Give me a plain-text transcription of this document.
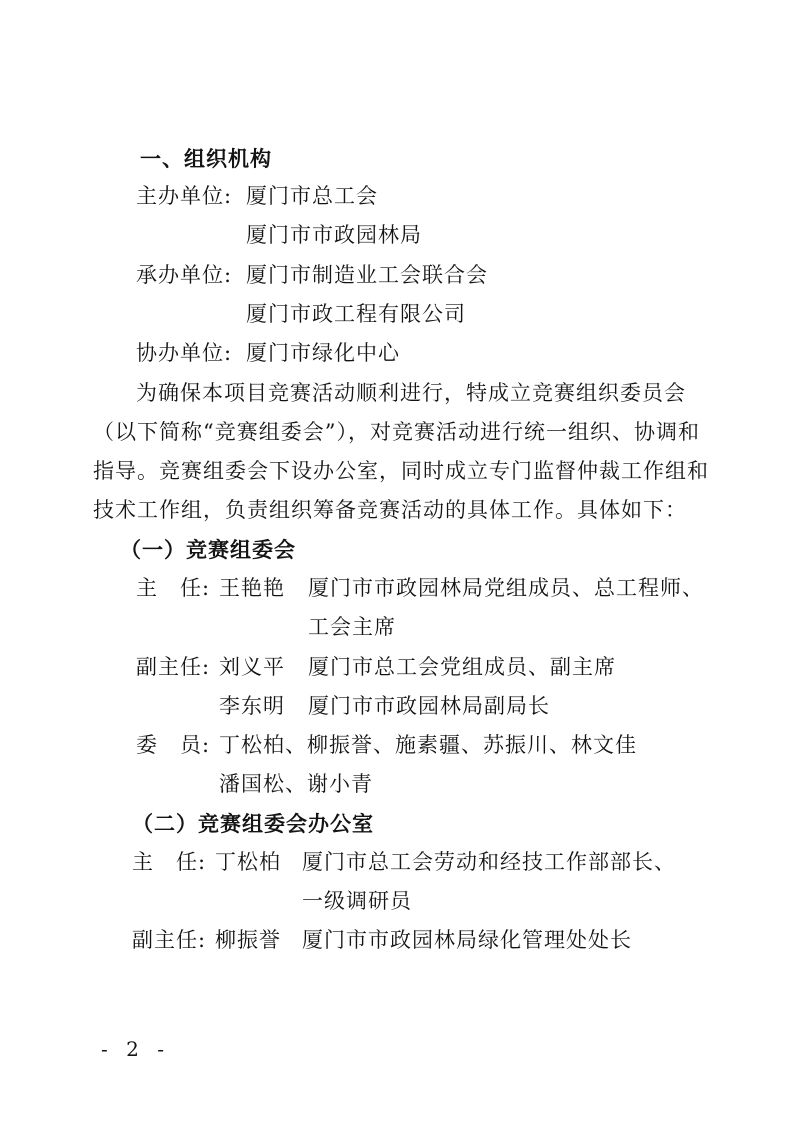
一、组织机构
主办单位: 厦门市总工会
厦门市市政园林局
承办单位: 厦门市制造业工会联合会
厦门市政工程有限公司
协办单位: 厦门市绿化中心
为确保本项目竞赛活动顺利进行，特成立竞赛组织委员会
（以下简称“竞赛组委会”），对竞赛活动进行统一组织、协调和
指导。竞赛组委会下设办公室，同时成立专门监督仲裁工作组和
技术工作组，负责组织筹备竞赛活动的具体工作。具体如下：
（一）竞赛组委会
主　任: 王艳艳 厦门市市政园林局党组成员、总工程师、
工会主席
副主任: 刘义平 厦门市总工会党组成员、副主席
李东明 厦门市市政园林局副局长
委　员: 丁松柏、柳振誉、施素疆、苏振川、林文佳
潘国松、谢小青
（二）竞赛组委会办公室
主　任: 丁松柏 厦门市总工会劳动和经技工作部部长、
一级调研员
副主任: 柳振誉 厦门市市政园林局绿化管理处处长
- 2 -
